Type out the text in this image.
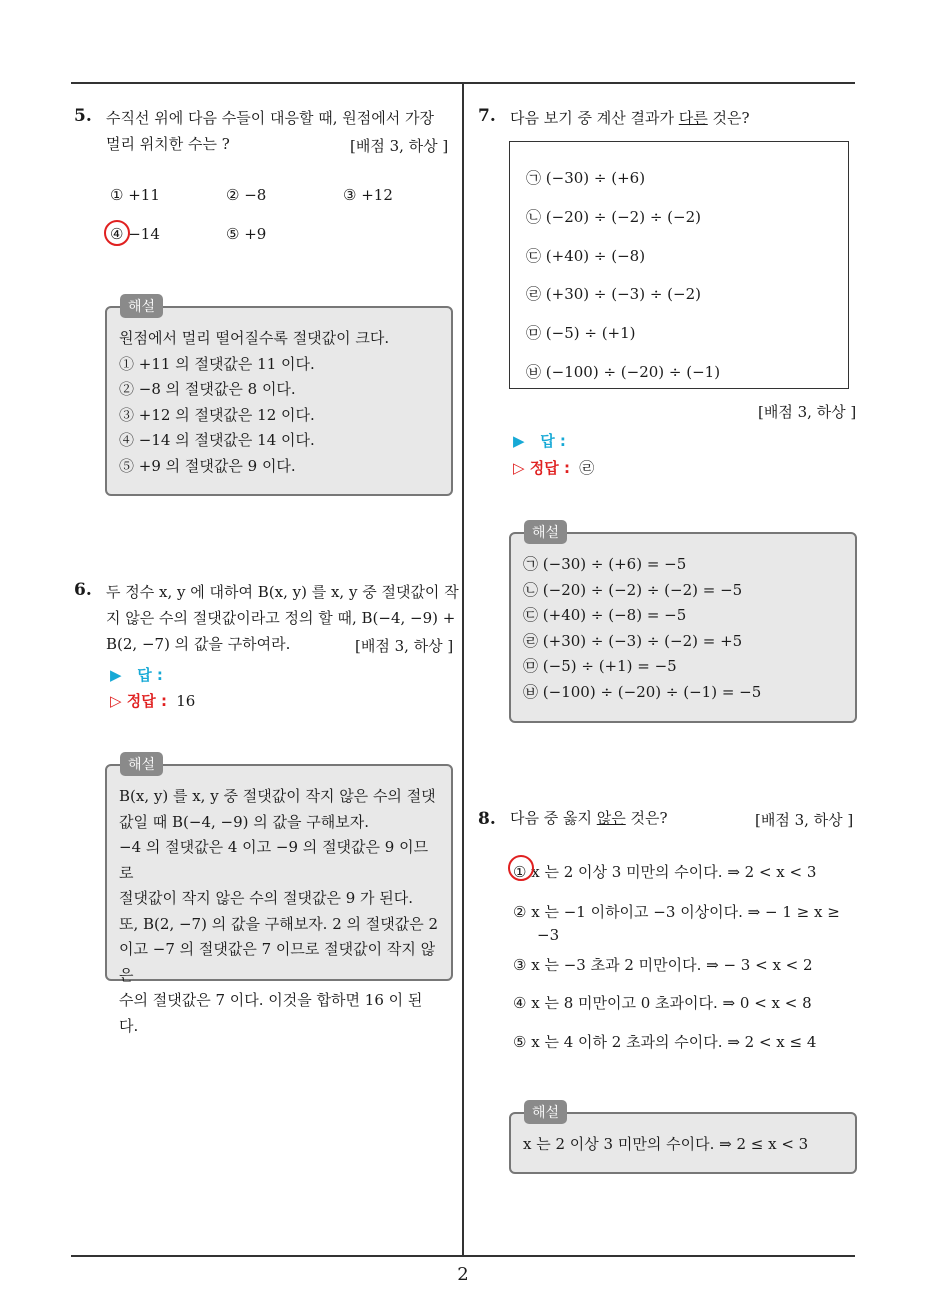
2
5. 수직선 위에 다음 수들이 대응할 때, 원점에서 가장
멀리 위치한 수는 ?	[배점 3, 하상 ]
① +11	② −8	③ +12
④ −14	⑤ +9
원점에서 멀리 떨어질수록 절댓값이 크다.
① +11 의 절댓값은 11 이다.
② −8 의 절댓값은 8 이다.
③ +12 의 절댓값은 12 이다.
④ −14 의 절댓값은 14 이다.
⑤ +9 의 절댓값은 9 이다.
해설
6. 두 정수 x, y 에 대하여 B(x, y) 를 x, y 중 절댓값이 작
지 않은 수의 절댓값이라고 정의 할 때, B(−4, −9) +
B(2, −7) 의 값을 구하여라.	[배점 3, 하상 ]
▶ 답 :
▷ 정답 : 16
B(x, y) 를 x, y 중 절댓값이 작지 않은 수의 절댓
값일 때 B(−4, −9) 의 값을 구해보자.
−4 의 절댓값은 4 이고 −9 의 절댓값은 9 이므로
절댓값이 작지 않은 수의 절댓값은 9 가 된다.
또, B(2, −7) 의 값을 구해보자. 2 의 절댓값은 2
이고 −7 의 절댓값은 7 이므로 절댓값이 작지 않은
수의 절댓값은 7 이다. 이것을 합하면 16 이 된다.
해설
7. 다음 보기 중 계산 결과가 다른 것은?
㉠ (−30) ÷ (+6)
㉡ (−20) ÷ (−2) ÷ (−2)
㉢ (+40) ÷ (−8)
㉣ (+30) ÷ (−3) ÷ (−2)
㉤ (−5) ÷ (+1)
㉥ (−100) ÷ (−20) ÷ (−1)
[배점 3, 하상 ]
▶ 답 :
▷ 정답 : ㉣
㉠ (−30) ÷ (+6) = −5
㉡ (−20) ÷ (−2) ÷ (−2) = −5
㉢ (+40) ÷ (−8) = −5
㉣ (+30) ÷ (−3) ÷ (−2) = +5
㉤ (−5) ÷ (+1) = −5
㉥ (−100) ÷ (−20) ÷ (−1) = −5
해설
8. 다음 중 옳지 않은 것은?	[배점 3, 하상 ]
① x 는 2 이상 3 미만의 수이다. ⇒ 2 < x < 3
② x 는 −1 이하이고 −3 이상이다. ⇒ − 1 ≥ x ≥
−3
③ x 는 −3 초과 2 미만이다. ⇒ − 3 < x < 2
④ x 는 8 미만이고 0 초과이다. ⇒ 0 < x < 8
⑤ x 는 4 이하 2 초과의 수이다. ⇒ 2 < x ≤ 4
x 는 2 이상 3 미만의 수이다. ⇒ 2 ≤ x < 3
해설
